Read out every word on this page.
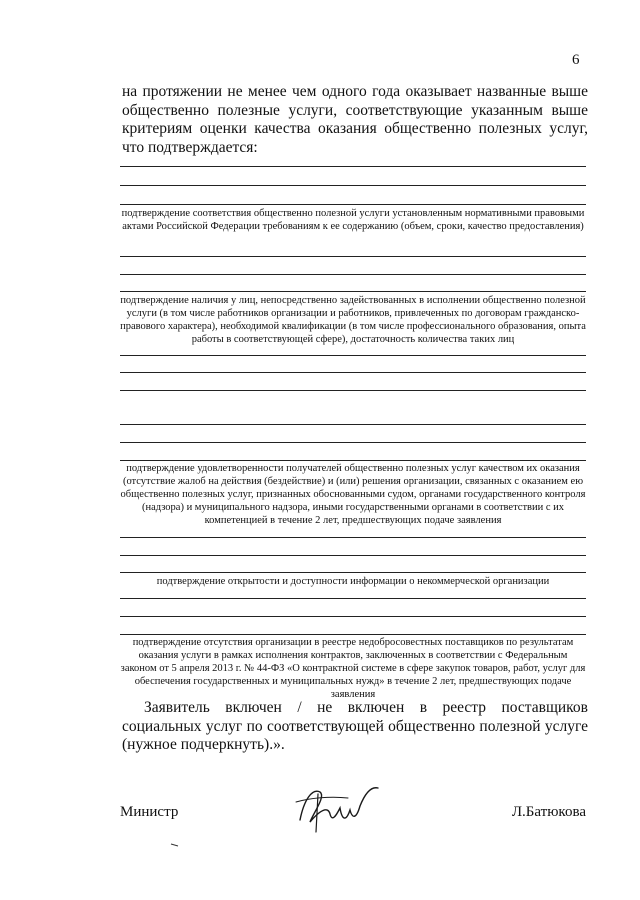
6

на протяжении не менее чем одного года оказывает названные выше общественно полезные услуги, соответствующие указанным выше критериям оценки качества оказания общественно полезных услуг, что подтверждается:

подтверждение соответствия общественно полезной услуги установленным нормативными правовыми актами Российской Федерации требованиям к ее содержанию (объем, сроки, качество предоставления)
подтверждение наличия у лиц, непосредственно задействованных в исполнении общественно полезной услуги (в том числе работников организации и работников, привлеченных по договорам гражданско-правового характера), необходимой квалификации (в том числе профессионального образования, опыта работы в соответствующей сфере), достаточность количества таких лиц
подтверждение удовлетворенности получателей общественно полезных услуг качеством их оказания (отсутствие жалоб на действия (бездействие) и (или) решения организации, связанных с оказанием ею общественно полезных услуг, признанных обоснованными судом, органами государственного контроля (надзора) и муниципального надзора, иными государственными органами в соответствии с их компетенцией в течение 2 лет, предшествующих подаче заявления
подтверждение открытости и доступности информации о некоммерческой организации
подтверждение отсутствия организации в реестре недобросовестных поставщиков по результатам оказания услуги в рамках исполнения контрактов, заключенных в соответствии с Федеральным законом от 5 апреля 2013 г. № 44-ФЗ «О контрактной системе в сфере закупок товаров, работ, услуг для обеспечения государственных и муниципальных нужд» в течение 2 лет, предшествующих подаче заявления

Заявитель включен / не включен в реестр поставщиков социальных услуг по соответствующей общественно полезной услуге (нужное подчеркнуть).».

Министр	Л.Батюкова
